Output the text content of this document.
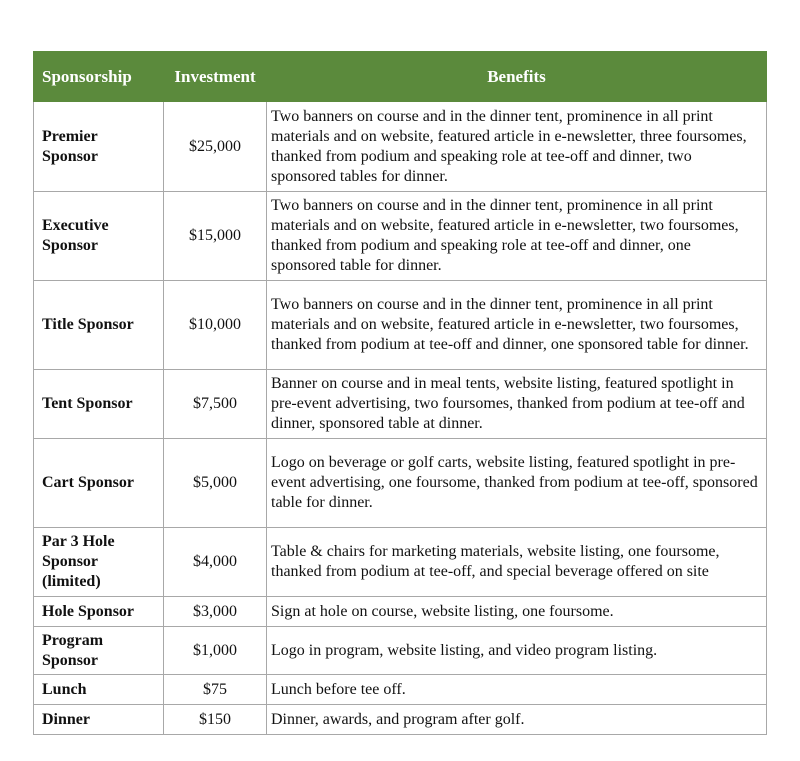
Sponsorship	Investment	Benefits
Premier Sponsor	$25,000	Two banners on course and in the dinner tent, prominence in all print materials and on website, featured article in e-newsletter, three foursomes, thanked from podium and speaking role at tee-off and dinner, two sponsored tables for dinner.
Executive Sponsor	$15,000	Two banners on course and in the dinner tent, prominence in all print materials and on website, featured article in e-newsletter, two foursomes, thanked from podium and speaking role at tee-off and dinner, one sponsored table for dinner.
Title Sponsor	$10,000	Two banners on course and in the dinner tent, prominence in all print materials and on website, featured article in e-newsletter, two foursomes, thanked from podium at tee-off and dinner, one sponsored table for dinner.
Tent Sponsor	$7,500	Banner on course and in meal tents, website listing, featured spotlight in pre-event advertising, two foursomes, thanked from podium at tee-off and dinner, sponsored table at dinner.
Cart Sponsor	$5,000	Logo on beverage or golf carts, website listing, featured spotlight in pre-event advertising, one foursome, thanked from podium at tee-off, sponsored table for dinner.
Par 3 Hole Sponsor (limited)	$4,000	Table & chairs for marketing materials, website listing, one foursome, thanked from podium at tee-off, and special beverage offered on site
Hole Sponsor	$3,000	Sign at hole on course, website listing, one foursome.
Program Sponsor	$1,000	Logo in program, website listing, and video program listing.
Lunch	$75	Lunch before tee off.
Dinner	$150	Dinner, awards, and program after golf.
